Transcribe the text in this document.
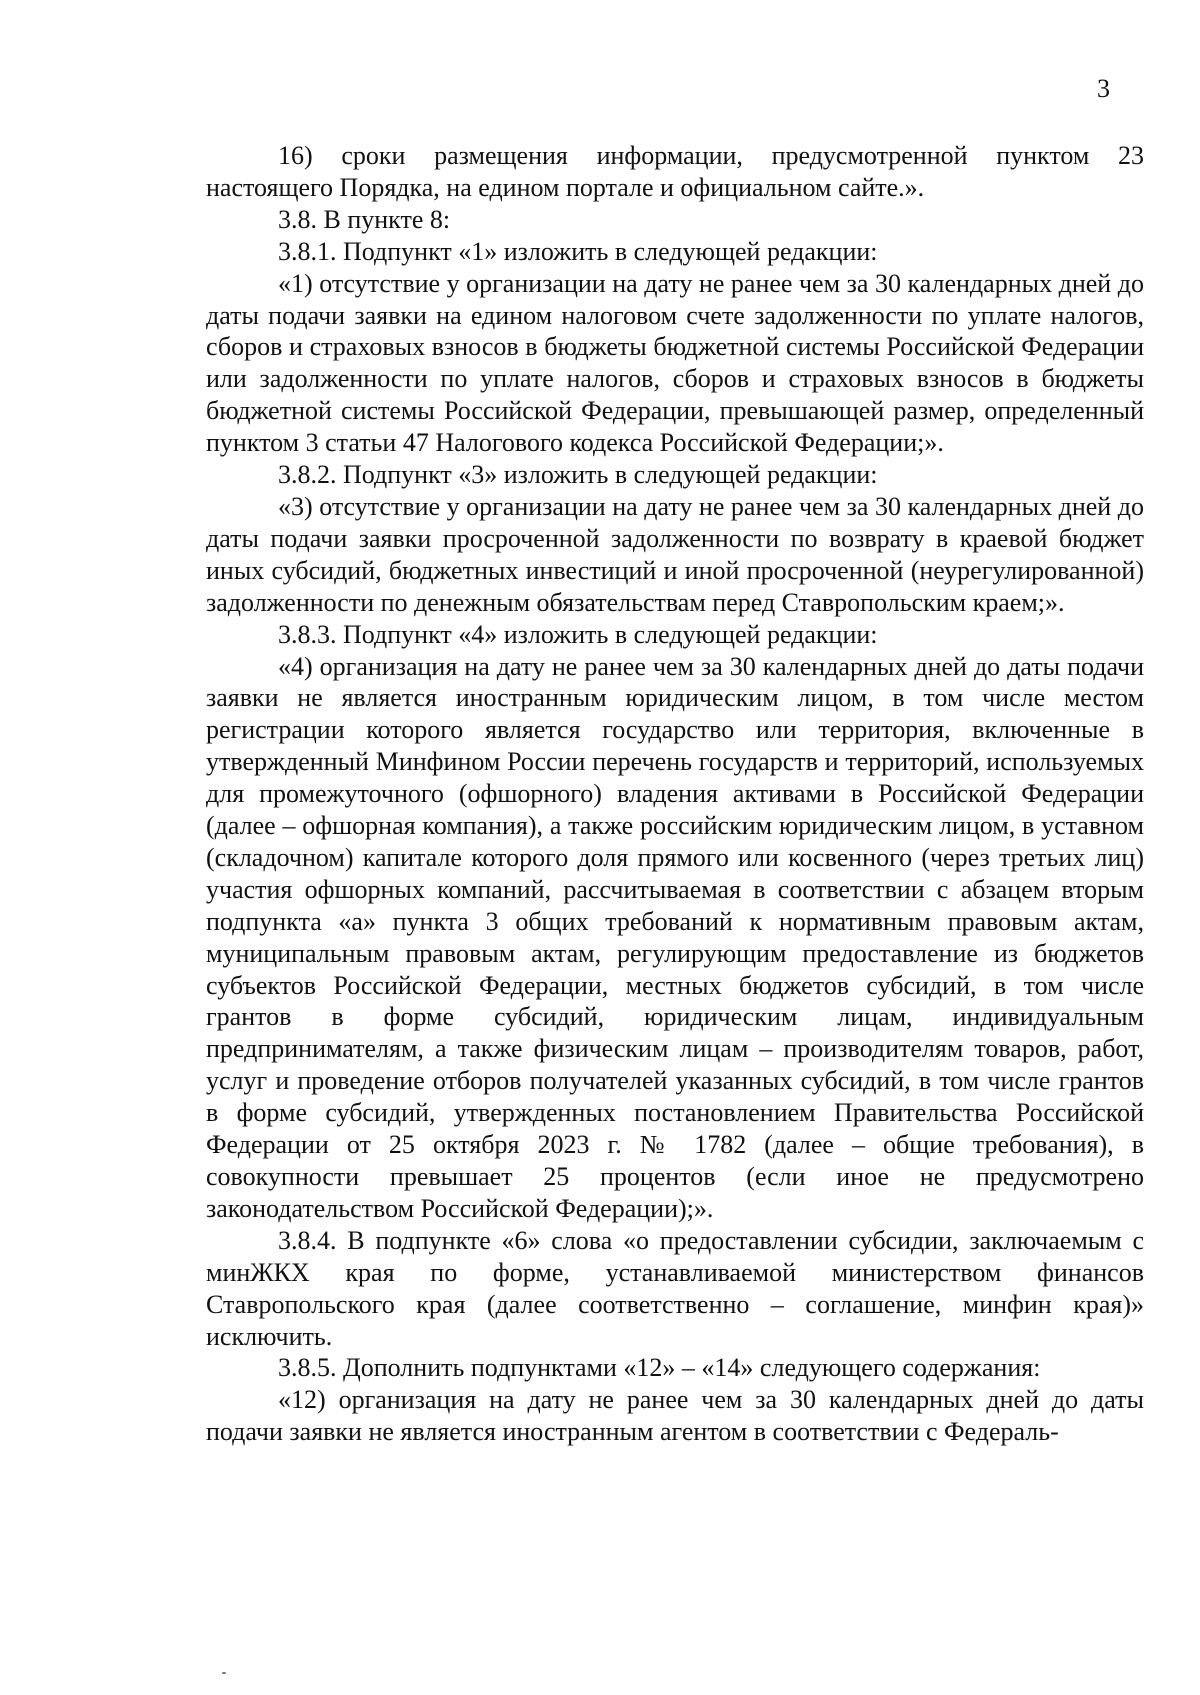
3

16) сроки размещения информации, предусмотренной пунктом 23 настоящего Порядка, на едином портале и официальном сайте.».

3.8. В пункте 8:

3.8.1. Подпункт «1» изложить в следующей редакции:

«1) отсутствие у организации на дату не ранее чем за 30 календарных дней до даты подачи заявки на едином налоговом счете задолженности по уплате налогов, сборов и страховых взносов в бюджеты бюджетной системы Российской Федерации или задолженности по уплате налогов, сборов и страховых взносов в бюджеты бюджетной системы Российской Федерации, превышающей размер, определенный пунктом 3 статьи 47 Налогового кодекса Российской Федерации;».

3.8.2. Подпункт «3» изложить в следующей редакции:

«3) отсутствие у организации на дату не ранее чем за 30 календарных дней до даты подачи заявки просроченной задолженности по возврату в краевой бюджет иных субсидий, бюджетных инвестиций и иной просроченной (неурегулированной) задолженности по денежным обязательствам перед Ставропольским краем;».

3.8.3. Подпункт «4» изложить в следующей редакции:

«4) организация на дату не ранее чем за 30 календарных дней до даты подачи заявки не является иностранным юридическим лицом, в том числе местом регистрации которого является государство или территория, включенные в утвержденный Минфином России перечень государств и территорий, используемых для промежуточного (офшорного) владения активами в Российской Федерации (далее – офшорная компания), а также российским юридическим лицом, в уставном (складочном) капитале которого доля прямого или косвенного (через третьих лиц) участия офшорных компаний, рассчитываемая в соответствии с абзацем вторым подпункта «а» пункта 3 общих требований к нормативным правовым актам, муниципальным правовым актам, регулирующим предоставление из бюджетов субъектов Российской Федерации, местных бюджетов субсидий, в том числе грантов в форме субсидий, юридическим лицам, индивидуальным предпринимателям, а также физическим лицам – производителям товаров, работ, услуг и проведение отборов получателей указанных субсидий, в том числе грантов в форме субсидий, утвержденных постановлением Правительства Российской Федерации от 25 октября 2023 г. № 1782 (далее – общие требования), в совокупности превышает 25 процентов (если иное не предусмотрено законодательством Российской Федерации);».

3.8.4. В подпункте «6» слова «о предоставлении субсидии, заключаемым с минЖКХ края по форме, устанавливаемой министерством финансов Ставропольского края (далее соответственно – соглашение, минфин края)» исключить.

3.8.5. Дополнить подпунктами «12» – «14» следующего содержания:

«12) организация на дату не ранее чем за 30 календарных дней до даты подачи заявки не является иностранным агентом в соответствии с Федераль-
